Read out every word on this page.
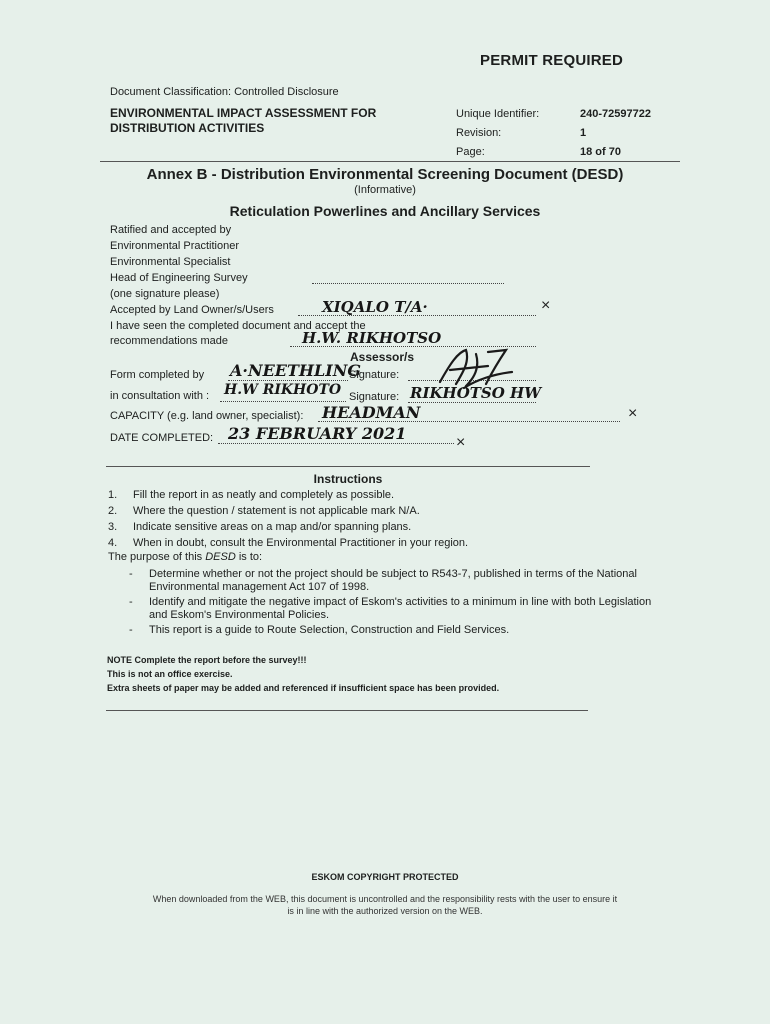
PERMIT REQUIRED
Document Classification: Controlled Disclosure
ENVIRONMENTAL IMPACT ASSESSMENT FOR
DISTRIBUTION ACTIVITIES
Unique Identifier:	240-72597722
Revision:	1
Page:	18 of 70
Annex B - Distribution Environmental Screening Document (DESD)
(Informative)
Reticulation Powerlines and Ancillary Services
Ratified and accepted by
Environmental Practitioner
Environmental Specialist
Head of Engineering Survey
(one signature please)
Accepted by Land Owner/s/Users	XIQALO T/A·	×
I have seen the completed document and accept the
recommendations made	H.W. RIKHOTSO
Assessor/s
Form completed by A·NEETHLING
Signature:
in consultation with : H.W RIKHOTO Signature: RIKHOTSO HW
CAPACITY (e.g. land owner, specialist): HEADMAN	×
DATE COMPLETED: 23 FEBRUARY 2021	×
Instructions
1. Fill the report in as neatly and completely as possible.
2. Where the question / statement is not applicable mark N/A.
3. Indicate sensitive areas on a map and/or spanning plans.
4. When in doubt, consult the Environmental Practitioner in your region.
The purpose of this DESD is to:
- Determine whether or not the project should be subject to R543-7, published in terms of the National Environmental management Act 107 of 1998.
- Identify and mitigate the negative impact of Eskom's activities to a minimum in line with both Legislation and Eskom's Environmental Policies.
- This report is a guide to Route Selection, Construction and Field Services.
NOTE Complete the report before the survey!!!
This is not an office exercise.
Extra sheets of paper may be added and referenced if insufficient space has been provided.
ESKOM COPYRIGHT PROTECTED
When downloaded from the WEB, this document is uncontrolled and the responsibility rests with the user to ensure it is in line with the authorized version on the WEB.
